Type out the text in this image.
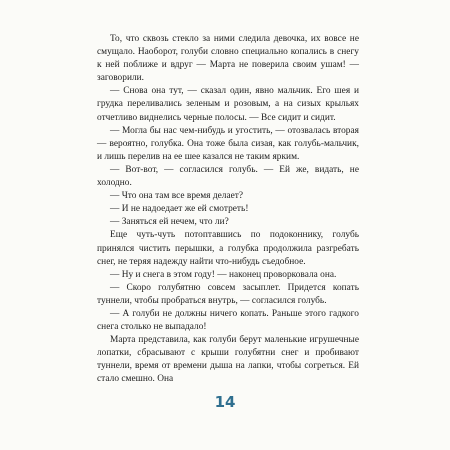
То, что сквозь стекло за ними следила девочка, их вовсе не смущало. Наоборот, голуби словно специально копались в снегу к ней поближе и вдруг — Марта не поверила своим ушам! — заговорили.

— Снова она тут, — сказал один, явно мальчик. Его шея и грудка переливались зеленым и розовым, а на сизых крыльях отчетливо виднелись черные полосы. — Все сидит и сидит.

— Могла бы нас чем-нибудь и угостить, — отозвалась вторая — вероятно, голубка. Она тоже была сизая, как голубь-мальчик, и лишь перелив на ее шее казался не таким ярким.

— Вот-вот, — согласился голубь. — Ей же, видать, не холодно.

— Что она там все время делает?

— И не надоедает же ей смотреть!

— Заняться ей нечем, что ли?

Еще чуть-чуть потоптавшись по подоконнику, голубь принялся чистить перышки, а голубка продолжила разгребать снег, не теряя надежду найти что-нибудь съедобное.

— Ну и снега в этом году! — наконец проворковала она.

— Скоро голубятню совсем засыплет. Придется копать туннели, чтобы пробраться внутрь, — согласился голубь.

— А голуби не должны ничего копать. Раньше этого гадкого снега столько не выпадало!

Марта представила, как голуби берут маленькие игрушечные лопатки, сбрасывают с крыши голубятни снег и пробивают туннели, время от времени дыша на лапки, чтобы согреться. Ей стало смешно. Она

14
